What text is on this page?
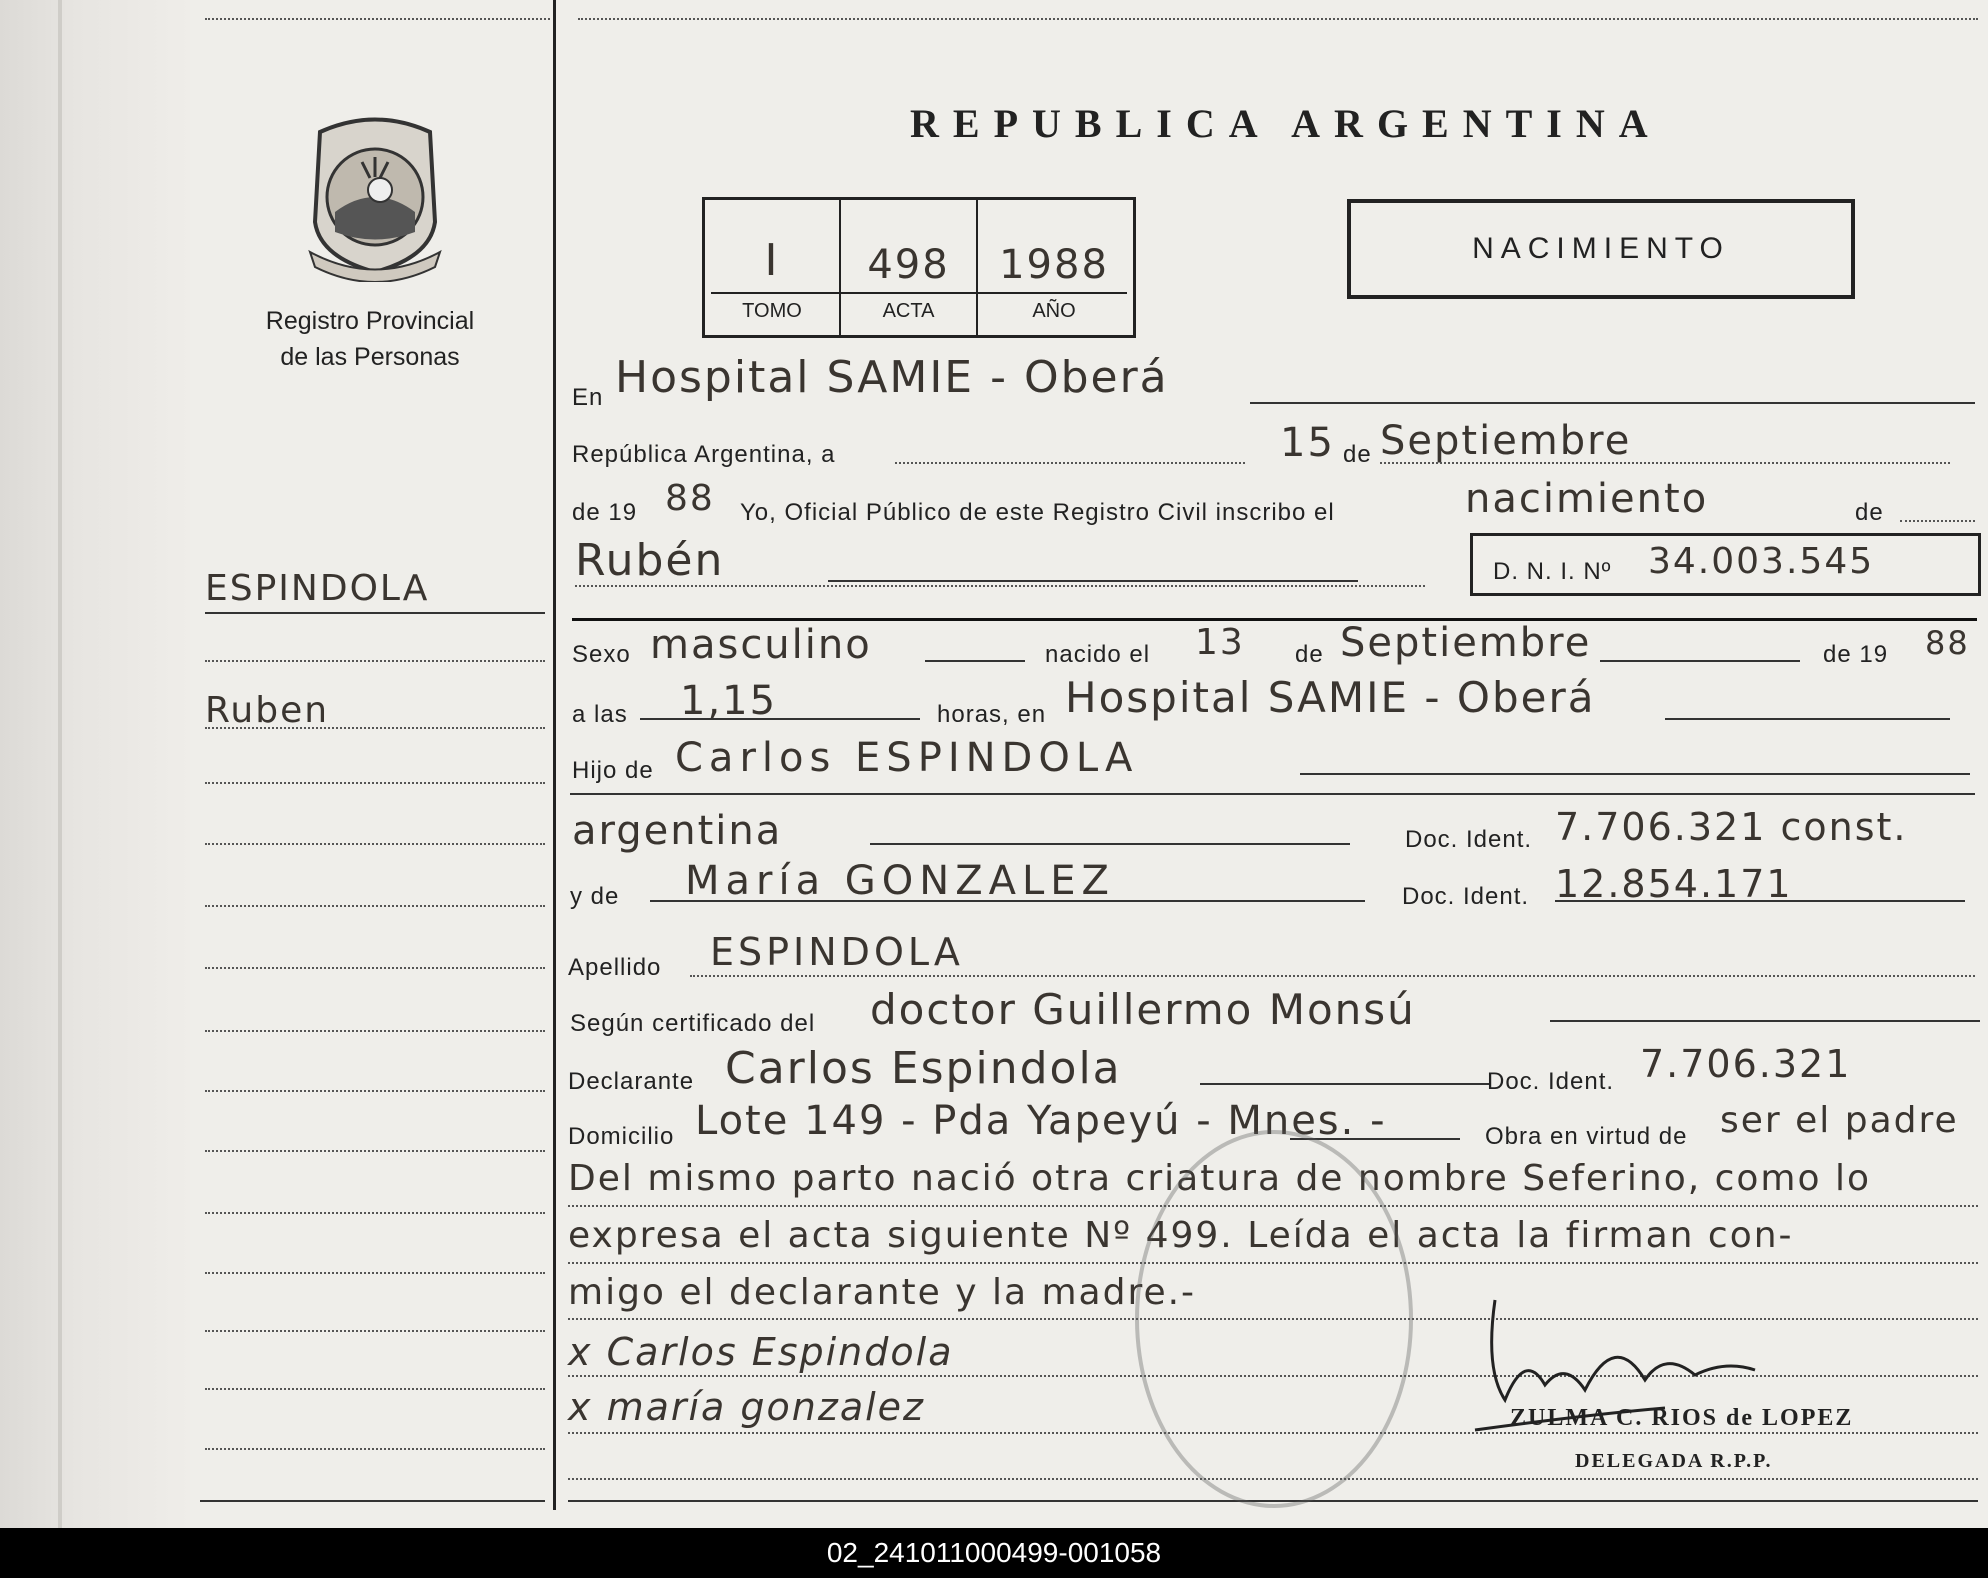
Registro Provincial
de las Personas
ESPINDOLA
Ruben
REPUBLICA ARGENTINA
I	498	1988
TOMO	ACTA	AÑO
NACIMIENTO
En Hospital SAMIE - Oberá
República Argentina, a	15 de Septiembre
de 19 88 Yo, Oficial Público de este Registro Civil inscribo el	nacimiento	de
Rubén	D. N. I. Nº 34.003.545
Sexo masculino	nacido el 13 de Septiembre	de 19 88
a las 1,15	horas, en Hospital SAMIE - Oberá
Hijo de Carlos ESPINDOLA
argentina	Doc. Ident. 7.706.321 const.
y de María GONZALEZ	Doc. Ident. 12.854.171
Apellido ESPINDOLA
Según certificado del doctor Guillermo Monsú
Declarante Carlos Espindola	Doc. Ident. 7.706.321
Domicilio Lote 149 - Pda Yapeyú - Mnes. -	Obra en virtud de ser el padre
Del mismo parto nació otra criatura de nombre Seferino, como lo
expresa el acta siguiente Nº 499. Leída el acta la firman con-
migo el declarante y la madre.-
x Carlos Espindola
x maría gonzalez	ZULMA C. RIOS de LOPEZ
DELEGADA R.P.P.
02_241011000499-001058
